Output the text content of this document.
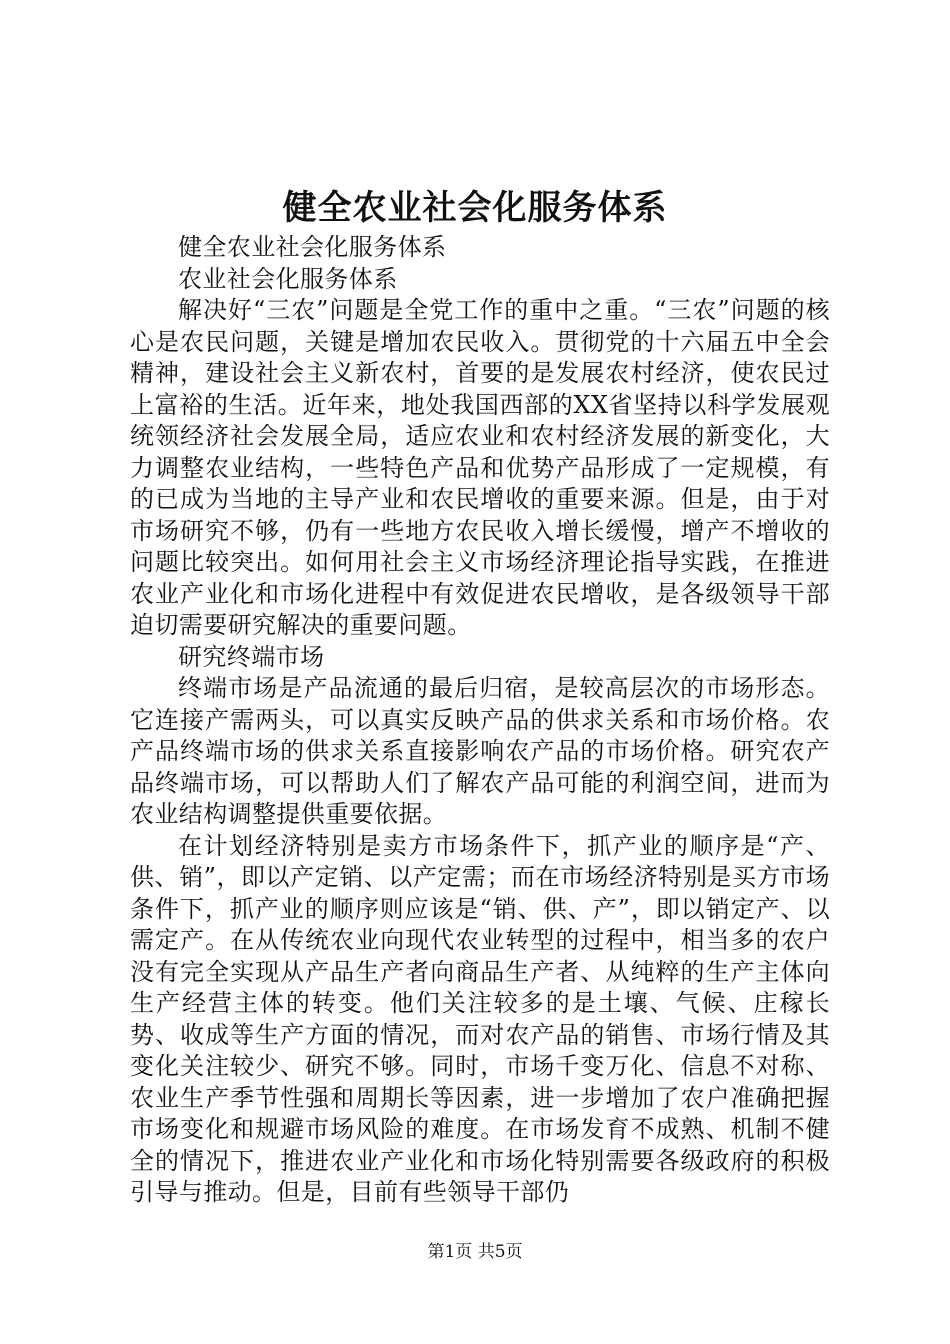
健全农业社会化服务体系

健全农业社会化服务体系

农业社会化服务体系

解决好“三农”问题是全党工作的重中之重。“三农”问题的核心是农民问题，关键是增加农民收入。贯彻党的十六届五中全会精神，建设社会主义新农村，首要的是发展农村经济，使农民过上富裕的生活。近年来，地处我国西部的XX省坚持以科学发展观统领经济社会发展全局，适应农业和农村经济发展的新变化，大力调整农业结构，一些特色产品和优势产品形成了一定规模，有的已成为当地的主导产业和农民增收的重要来源。但是，由于对市场研究不够，仍有一些地方农民收入增长缓慢，增产不增收的问题比较突出。如何用社会主义市场经济理论指导实践，在推进农业产业化和市场化进程中有效促进农民增收，是各级领导干部迫切需要研究解决的重要问题。

研究终端市场

终端市场是产品流通的最后归宿，是较高层次的市场形态。它连接产需两头，可以真实反映产品的供求关系和市场价格。农产品终端市场的供求关系直接影响农产品的市场价格。研究农产品终端市场，可以帮助人们了解农产品可能的利润空间，进而为农业结构调整提供重要依据。

在计划经济特别是卖方市场条件下，抓产业的顺序是“产、供、销”，即以产定销、以产定需；而在市场经济特别是买方市场条件下，抓产业的顺序则应该是“销、供、产”，即以销定产、以需定产。在从传统农业向现代农业转型的过程中，相当多的农户没有完全实现从产品生产者向商品生产者、从纯粹的生产主体向生产经营主体的转变。他们关注较多的是土壤、气候、庄稼长势、收成等生产方面的情况，而对农产品的销售、市场行情及其变化关注较少、研究不够。同时，市场千变万化、信息不对称、农业生产季节性强和周期长等因素，进一步增加了农户准确把握市场变化和规避市场风险的难度。在市场发育不成熟、机制不健全的情况下，推进农业产业化和市场化特别需要各级政府的积极引导与推动。但是，目前有些领导干部仍

第1页 共5页
